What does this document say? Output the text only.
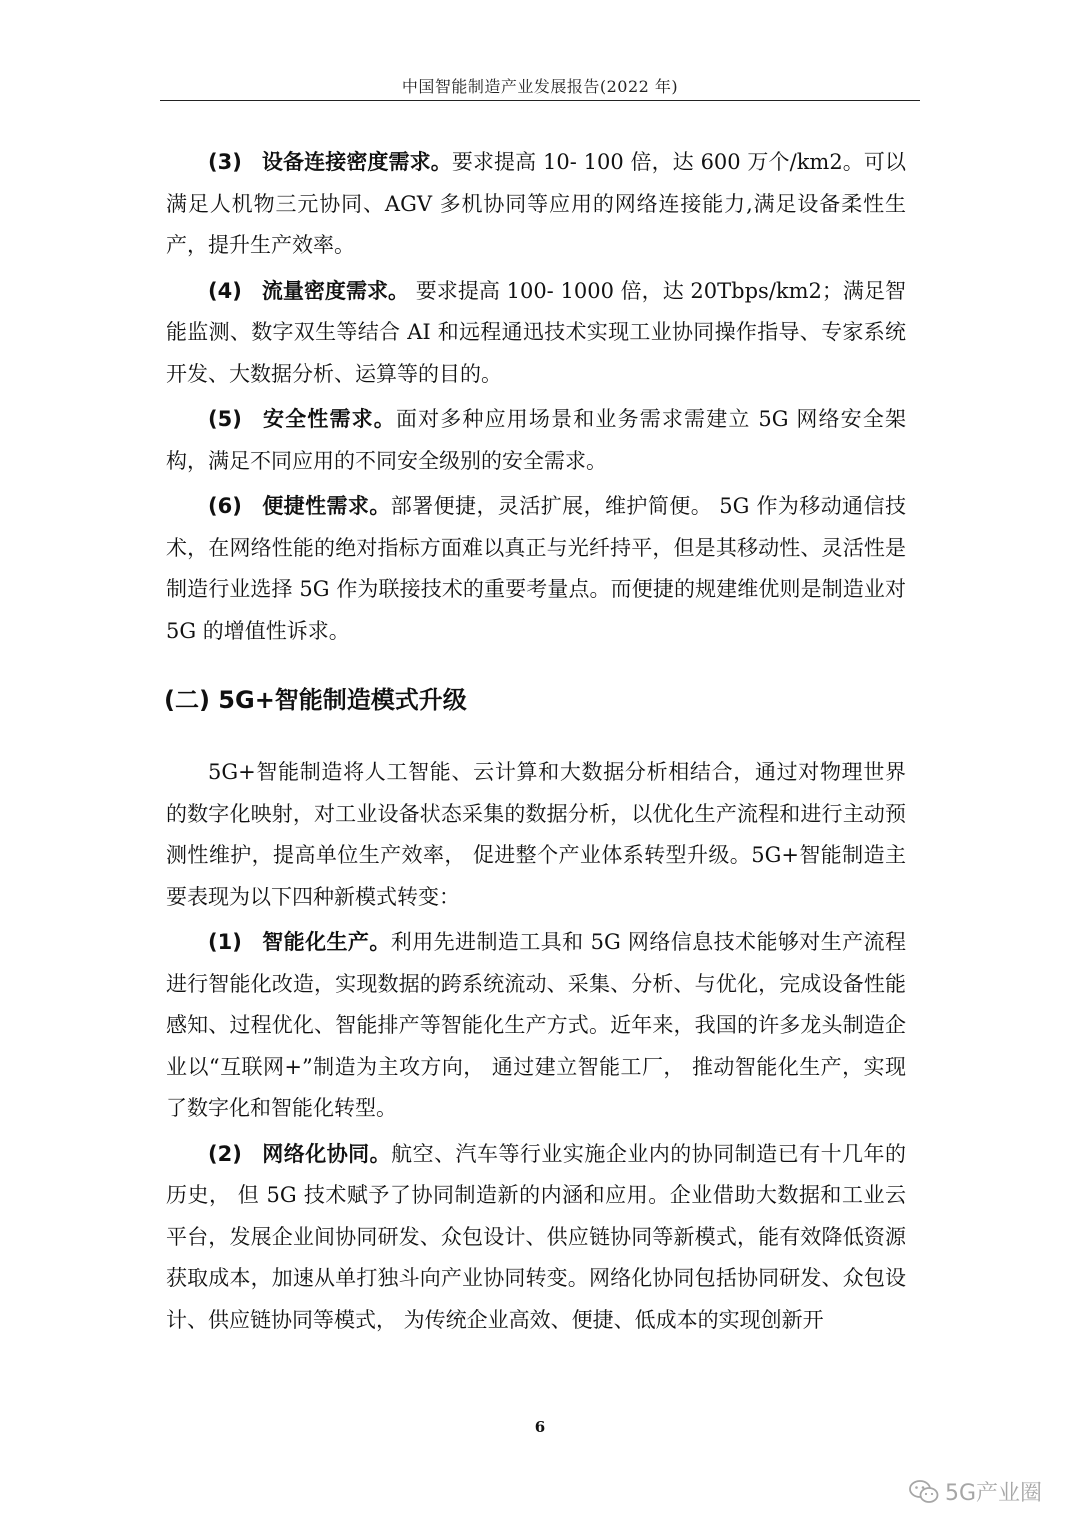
中国智能制造产业发展报告(2022 年)

(3) 设备连接密度需求。要求提高 10- 100 倍，达 600 万个/km2。可以满足人机物三元协同、AGV 多机协同等应用的网络连接能力,满足设备柔性生产，提升生产效率。

(4) 流量密度需求。 要求提高 100- 1000 倍，达 20Tbps/km2；满足智能监测、数字双生等结合 AI 和远程通迅技术实现工业协同操作指导、专家系统开发、大数据分析、运算等的目的。

(5) 安全性需求。面对多种应用场景和业务需求需建立 5G 网络安全架构，满足不同应用的不同安全级别的安全需求。

(6) 便捷性需求。部署便捷，灵活扩展，维护简便。 5G 作为移动通信技术，在网络性能的绝对指标方面难以真正与光纤持平，但是其移动性、灵活性是制造行业选择 5G 作为联接技术的重要考量点。而便捷的规建维优则是制造业对 5G 的增值性诉求。

(二) 5G+智能制造模式升级

5G+智能制造将人工智能、云计算和大数据分析相结合，通过对物理世界的数字化映射，对工业设备状态采集的数据分析，以优化生产流程和进行主动预测性维护，提高单位生产效率， 促进整个产业体系转型升级。5G+智能制造主要表现为以下四种新模式转变：

(1) 智能化生产。利用先进制造工具和 5G 网络信息技术能够对生产流程进行智能化改造，实现数据的跨系统流动、采集、分析、与优化，完成设备性能感知、过程优化、智能排产等智能化生产方式。近年来，我国的许多龙头制造企业以“互联网+”制造为主攻方向， 通过建立智能工厂， 推动智能化生产，实现了数字化和智能化转型。

(2) 网络化协同。航空、汽车等行业实施企业内的协同制造已有十几年的历史， 但 5G 技术赋予了协同制造新的内涵和应用。企业借助大数据和工业云平台，发展企业间协同研发、众包设计、供应链协同等新模式，能有效降低资源获取成本，加速从单打独斗向产业协同转变。网络化协同包括协同研发、众包设计、供应链协同等模式， 为传统企业高效、便捷、低成本的实现创新开

6
5G产业圈
